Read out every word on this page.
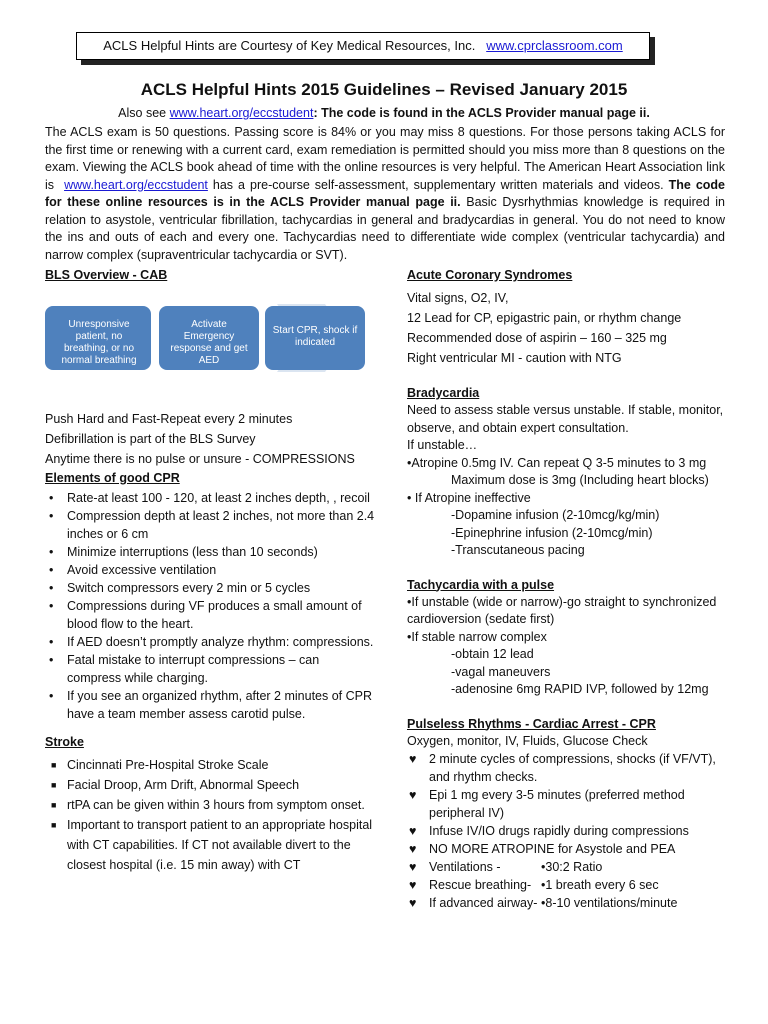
ACLS Helpful Hints are Courtesy of Key Medical Resources, Inc. www.cprclassroom.com
ACLS Helpful Hints 2015 Guidelines – Revised January 2015
Also see www.heart.org/eccstudent: The code is found in the ACLS Provider manual page ii.
The ACLS exam is 50 questions. Passing score is 84% or you may miss 8 questions. For those persons taking ACLS for the first time or renewing with a current card, exam remediation is permitted should you miss more than 8 questions on the exam. Viewing the ACLS book ahead of time with the online resources is very helpful. The American Heart Association link is www.heart.org/eccstudent has a pre-course self-assessment, supplementary written materials and videos. The code for these online resources is in the ACLS Provider manual page ii. Basic Dysrhythmias knowledge is required in relation to asystole, ventricular fibrillation, tachycardias in general and bradycardias in general. You do not need to know the ins and outs of each and every one. Tachycardias need to differentiate wide complex (ventricular tachycardia) and narrow complex (supraventricular tachycardia or SVT).
BLS Overview - CAB
Unresponsive patient, no breathing, or no normal breathing
Activate Emergency response and get AED
Start CPR, shock if indicated
Push Hard and Fast-Repeat every 2 minutes
Defibrillation is part of the BLS Survey
Anytime there is no pulse or unsure - COMPRESSIONS
Elements of good CPR
• Rate-at least 100 - 120, at least 2 inches depth, , recoil
• Compression depth at least 2 inches, not more than 2.4 inches or 6 cm
• Minimize interruptions (less than 10 seconds)
• Avoid excessive ventilation
• Switch compressors every 2 min or 5 cycles
• Compressions during VF produces a small amount of blood flow to the heart.
• If AED doesn’t promptly analyze rhythm: compressions.
• Fatal mistake to interrupt compressions – can compress while charging.
• If you see an organized rhythm, after 2 minutes of CPR have a team member assess carotid pulse.
Stroke
■ Cincinnati Pre-Hospital Stroke Scale
■ Facial Droop, Arm Drift, Abnormal Speech
■ rtPA can be given within 3 hours from symptom onset.
■ Important to transport patient to an appropriate hospital with CT capabilities. If CT not available divert to the closest hospital (i.e. 15 min away) with CT
Acute Coronary Syndromes
Vital signs, O2, IV,
12 Lead for CP, epigastric pain, or rhythm change
Recommended dose of aspirin – 160 – 325 mg
Right ventricular MI - caution with NTG
Bradycardia
Need to assess stable versus unstable. If stable, monitor, observe, and obtain expert consultation.
If unstable…
•Atropine 0.5mg IV. Can repeat Q 3-5 minutes to 3 mg
Maximum dose is 3mg (Including heart blocks)
• If Atropine ineffective
-Dopamine infusion (2-10mcg/kg/min)
-Epinephrine infusion (2-10mcg/min)
-Transcutaneous pacing
Tachycardia with a pulse
•If unstable (wide or narrow)-go straight to synchronized cardioversion (sedate first)
•If stable narrow complex
-obtain 12 lead
-vagal maneuvers
-adenosine 6mg RAPID IVP, followed by 12mg
Pulseless Rhythms - Cardiac Arrest - CPR
Oxygen, monitor, IV, Fluids, Glucose Check
♥ 2 minute cycles of compressions, shocks (if VF/VT), and rhythm checks.
♥ Epi 1 mg every 3-5 minutes (preferred method peripheral IV)
♥ Infuse IV/IO drugs rapidly during compressions
♥ NO MORE ATROPINE for Asystole and PEA
♥ Ventilations -	•30:2 Ratio
♥ Rescue breathing- •1 breath every 6 sec
♥ If advanced airway- •8-10 ventilations/minute
